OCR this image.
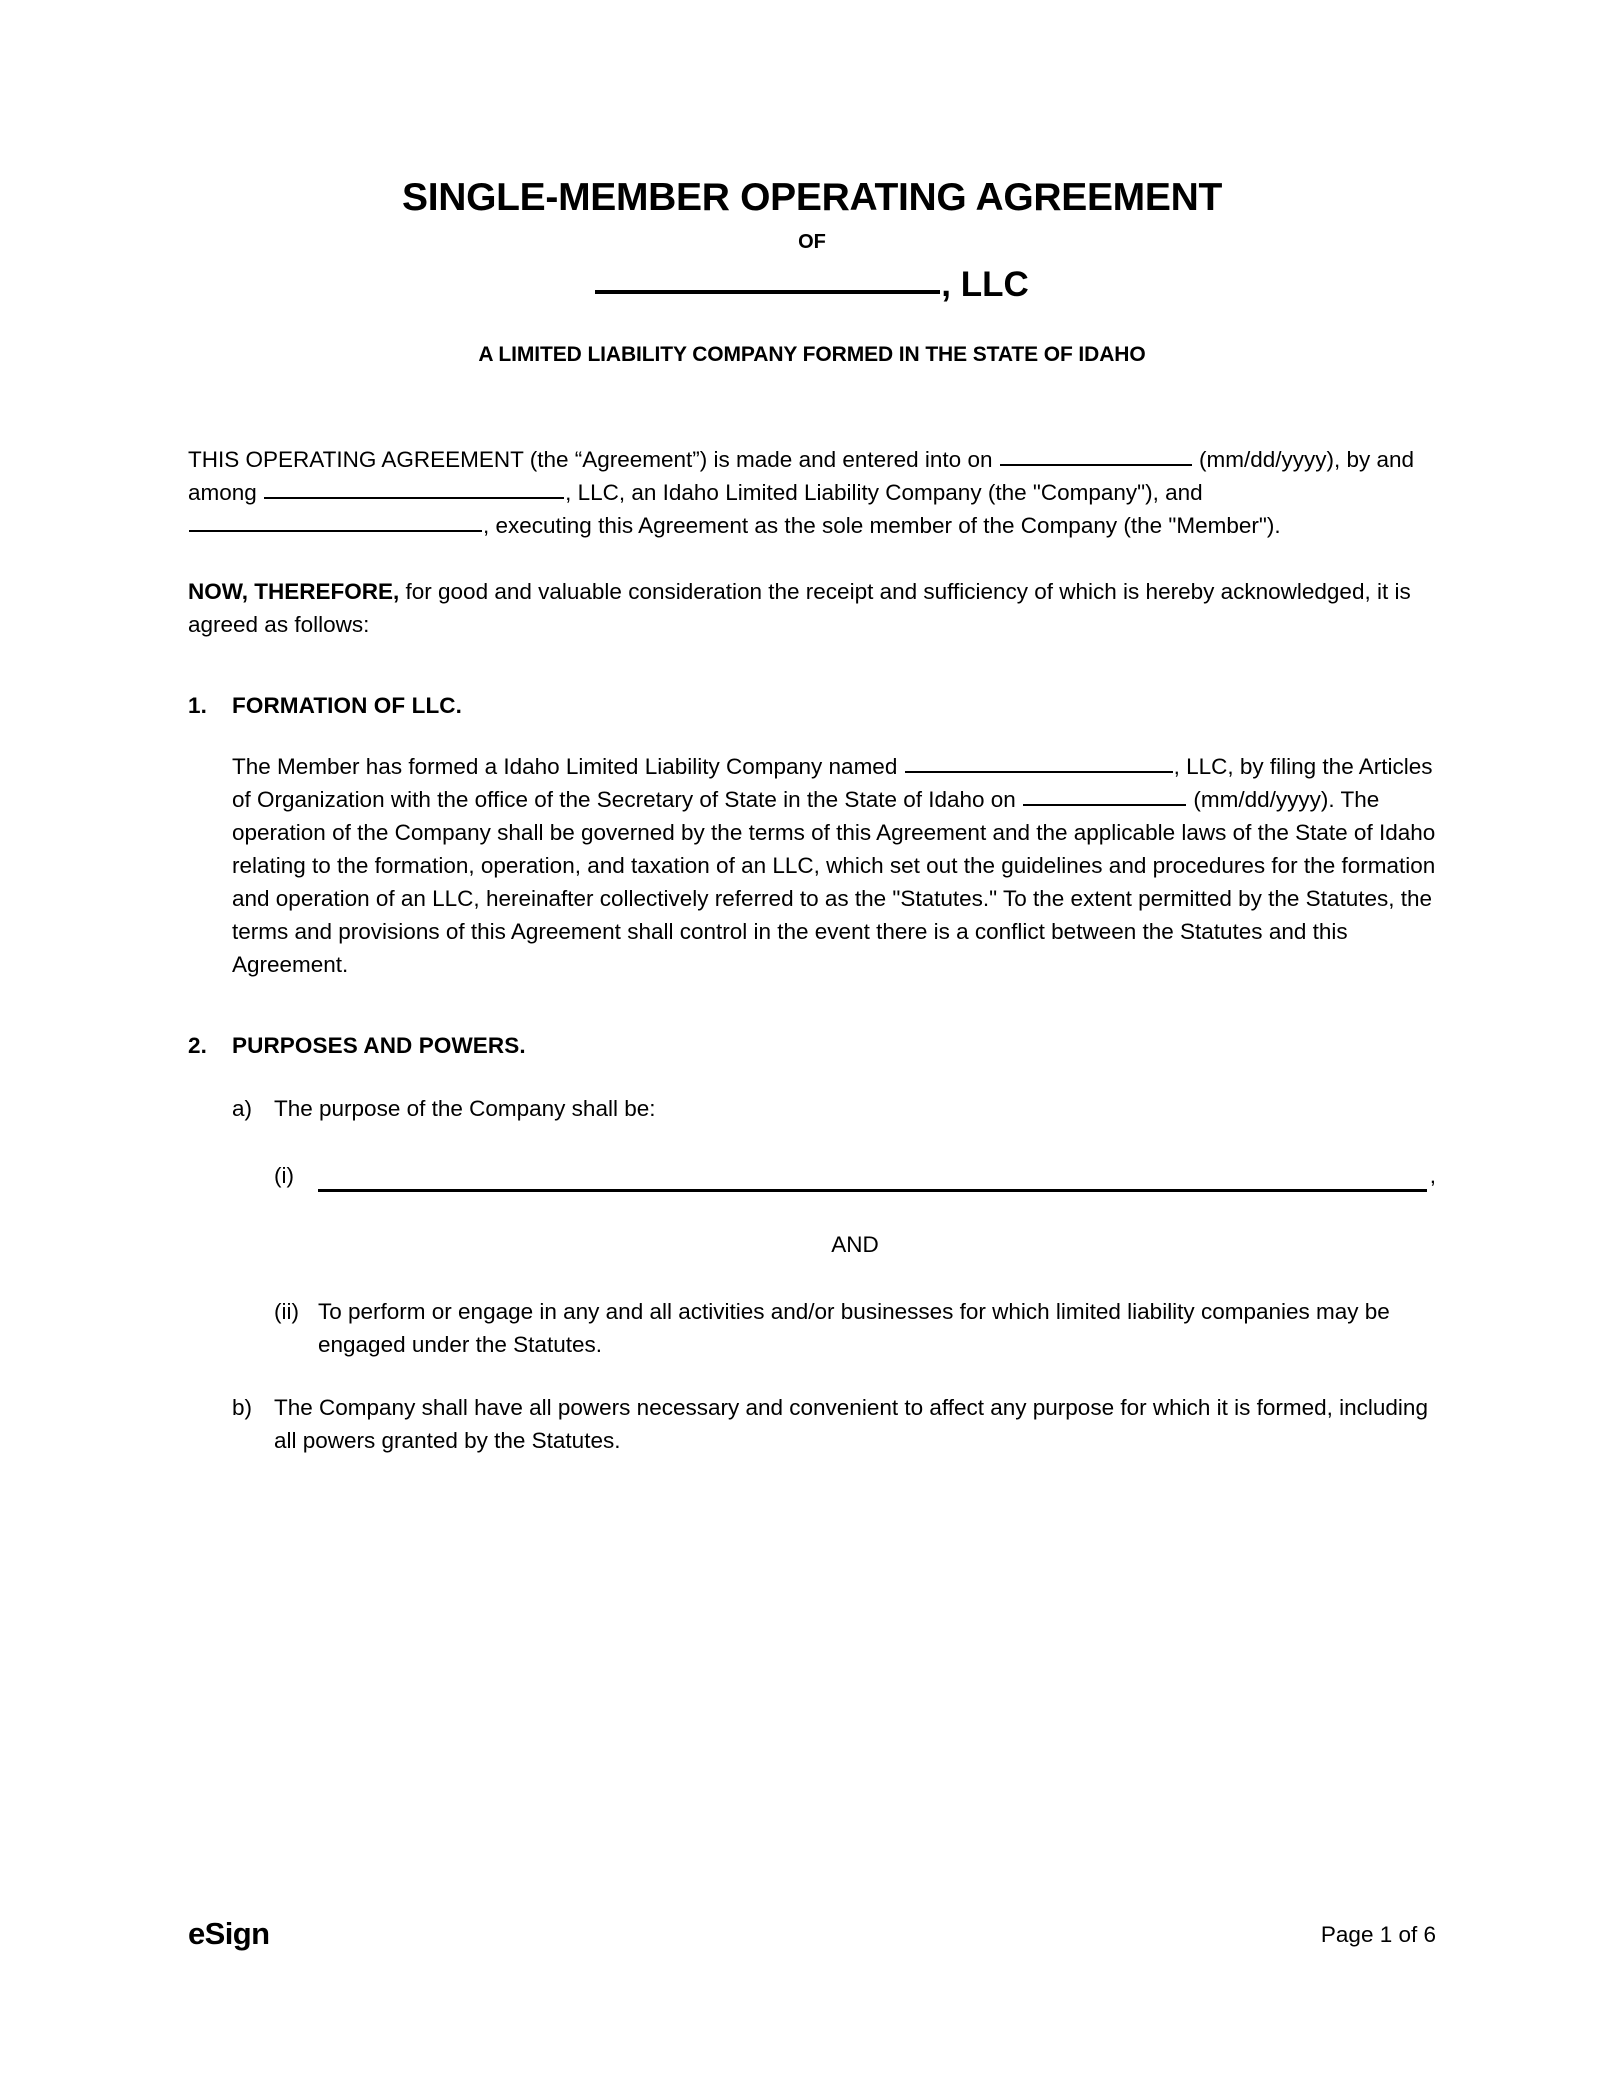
SINGLE-MEMBER OPERATING AGREEMENT
OF
, LLC
A LIMITED LIABILITY COMPANY FORMED IN THE STATE OF IDAHO

THIS OPERATING AGREEMENT (the “Agreement”) is made and entered into on	(mm/dd/yyyy), by and among	, LLC, an Idaho Limited Liability Company (the "Company"), and , executing this Agreement as the sole member of the Company (the "Member").

NOW, THEREFORE, for good and valuable consideration the receipt and sufficiency of which is hereby acknowledged, it is agreed as follows:

1.	FORMATION OF LLC.
The Member has formed a Idaho Limited Liability Company named	, LLC, by filing the Articles of Organization with the office of the Secretary of State in the State of Idaho on	(mm/dd/yyyy). The operation of the Company shall be governed by the terms of this Agreement and the applicable laws of the State of Idaho relating to the formation, operation, and taxation of an LLC, which set out the guidelines and procedures for the formation and operation of an LLC, hereinafter collectively referred to as the "Statutes." To the extent permitted by the Statutes, the terms and provisions of this Agreement shall control in the event there is a conflict between the Statutes and this Agreement.
2.	PURPOSES AND POWERS.
a) The purpose of the Company shall be:
(i)	,
AND
(ii) To perform or engage in any and all activities and/or businesses for which limited liability companies may be engaged under the Statutes.
b) The Company shall have all powers necessary and convenient to affect any purpose for which it is formed, including all powers granted by the Statutes.
eSign	Page 1 of 6
